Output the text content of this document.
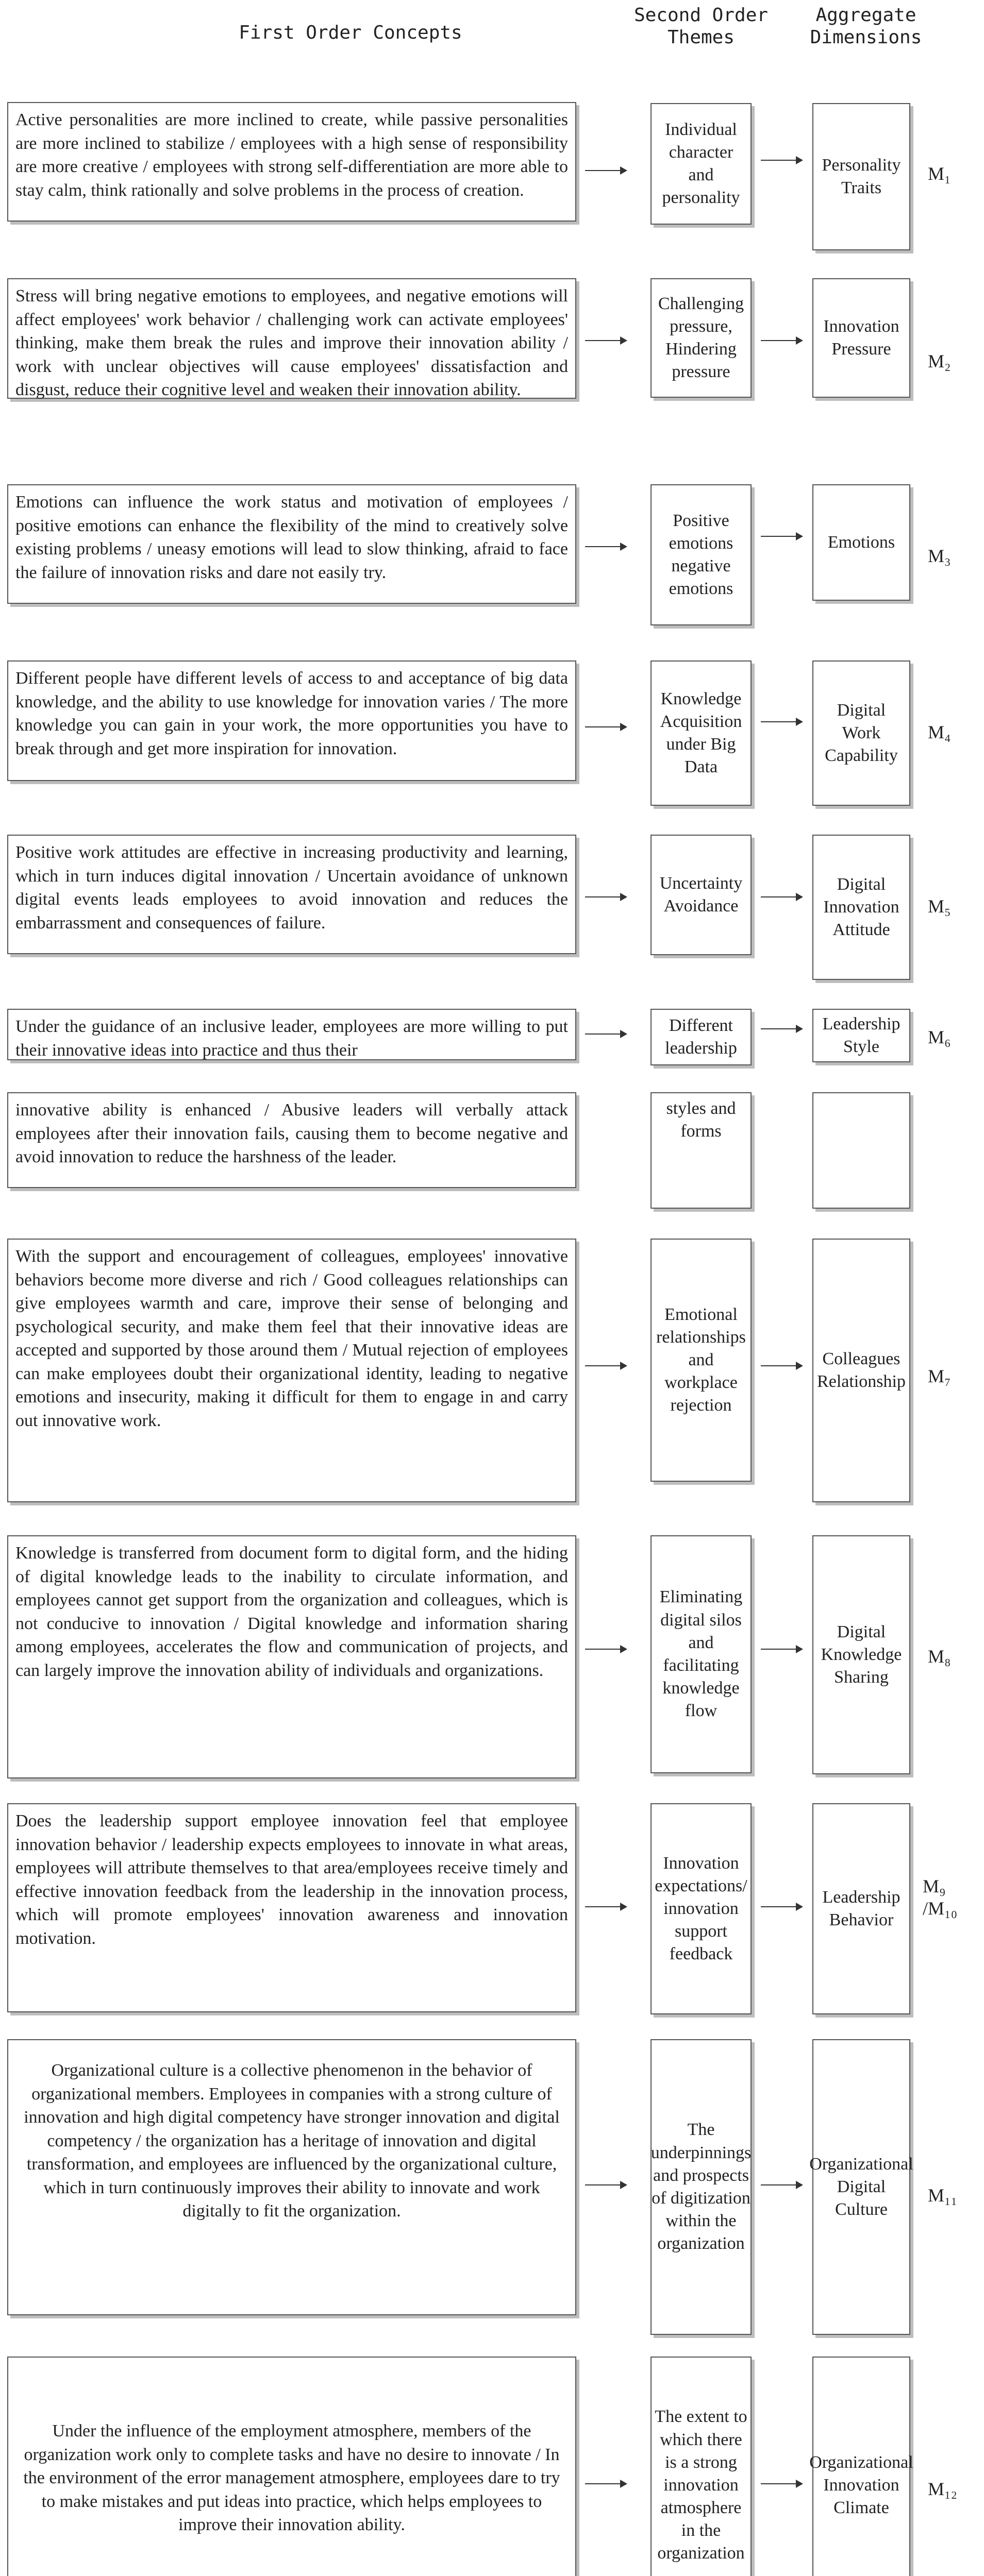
First Order Concepts
Second Order
Themes
Aggregate
Dimensions
Active personalities are more inclined to create, while passive personalities are more inclined to stabilize / employees with a high sense of responsibility are more creative / employees with strong self-differentiation are more able to stay calm, think rationally and solve problems in the process of creation.
Individual character and personality
Personality Traits
M₁
Stress will bring negative emotions to employees, and negative emotions will affect employees' work behavior / challenging work can activate employees' thinking, make them break the rules and improve their innovation ability / work with unclear objectives will cause employees' dissatisfaction and disgust, reduce their cognitive level and weaken their innovation ability.
Challenging pressure, Hindering pressure
Innovation Pressure
M₂
Emotions can influence the work status and motivation of employees / positive emotions can enhance the flexibility of the mind to creatively solve existing problems / uneasy emotions will lead to slow thinking, afraid to face the failure of innovation risks and dare not easily try.
Positive emotions negative emotions
Emotions
M₃
Different people have different levels of access to and acceptance of big data knowledge, and the ability to use knowledge for innovation varies / The more knowledge you can gain in your work, the more opportunities you have to break through and get more inspiration for innovation.
Knowledge Acquisition under Big Data
Digital Work Capability
M₄
Positive work attitudes are effective in increasing productivity and learning, which in turn induces digital innovation / Uncertain avoidance of unknown digital events leads employees to avoid innovation and reduces the embarrassment and consequences of failure.
Uncertainty Avoidance
Digital Innovation Attitude
M₅
Under the guidance of an inclusive leader, employees are more willing to put their innovative ideas into practice and thus their
Different leadership
Leadership Style	M₆
innovative ability is enhanced / Abusive leaders will verbally attack employees after their innovation fails, causing them to become negative and avoid innovation to reduce the harshness of the leader.
styles and forms
With the support and encouragement of colleagues, employees' innovative behaviors become more diverse and rich / Good colleagues relationships can give employees warmth and care, improve their sense of belonging and psychological security, and make them feel that their innovative ideas are accepted and supported by those around them / Mutual rejection of employees can make employees doubt their organizational identity, leading to negative emotions and insecurity, making it difficult for them to engage in and carry out innovative work.
Emotional relationships and workplace rejection
Colleagues Relationship M₇
Knowledge is transferred from document form to digital form, and the hiding of digital knowledge leads to the inability to circulate information, and employees cannot get support from the organization and colleagues, which is not conducive to innovation / Digital knowledge and information sharing among employees, accelerates the flow and communication of projects, and can largely improve the innovation ability of individuals and organizations.
Eliminating digital silos and facilitating knowledge flow
Digital Knowledge Sharing
M₈
Does the leadership support employee innovation feel that employee innovation behavior / leadership expects employees to innovate in what areas, employees will attribute themselves to that area/employees receive timely and effective innovation feedback from the leadership in the innovation process, which will promote employees' innovation awareness and innovation motivation.
Innovation expectations/ innovation support feedback
Leadership Behavior
M₉ /M₁₀
Organizational culture is a collective phenomenon in the behavior of organizational members. Employees in companies with a strong culture of innovation and high digital competency have stronger innovation and digital competency / the organization has a heritage of innovation and digital transformation, and employees are influenced by the organizational culture, which in turn continuously improves their ability to innovate and work digitally to fit the organization.
The underpinnings and prospects of digitization within the organization
Organizational Digital Culture
M₁₁
Under the influence of the employment atmosphere, members of the organization work only to complete tasks and have no desire to innovate / In the environment of the error management atmosphere, employees dare to try to make mistakes and put ideas into practice, which helps employees to improve their innovation ability.
The extent to which there is a strong innovation atmosphere in the organization
Organizational Innovation Climate
M₁₂
